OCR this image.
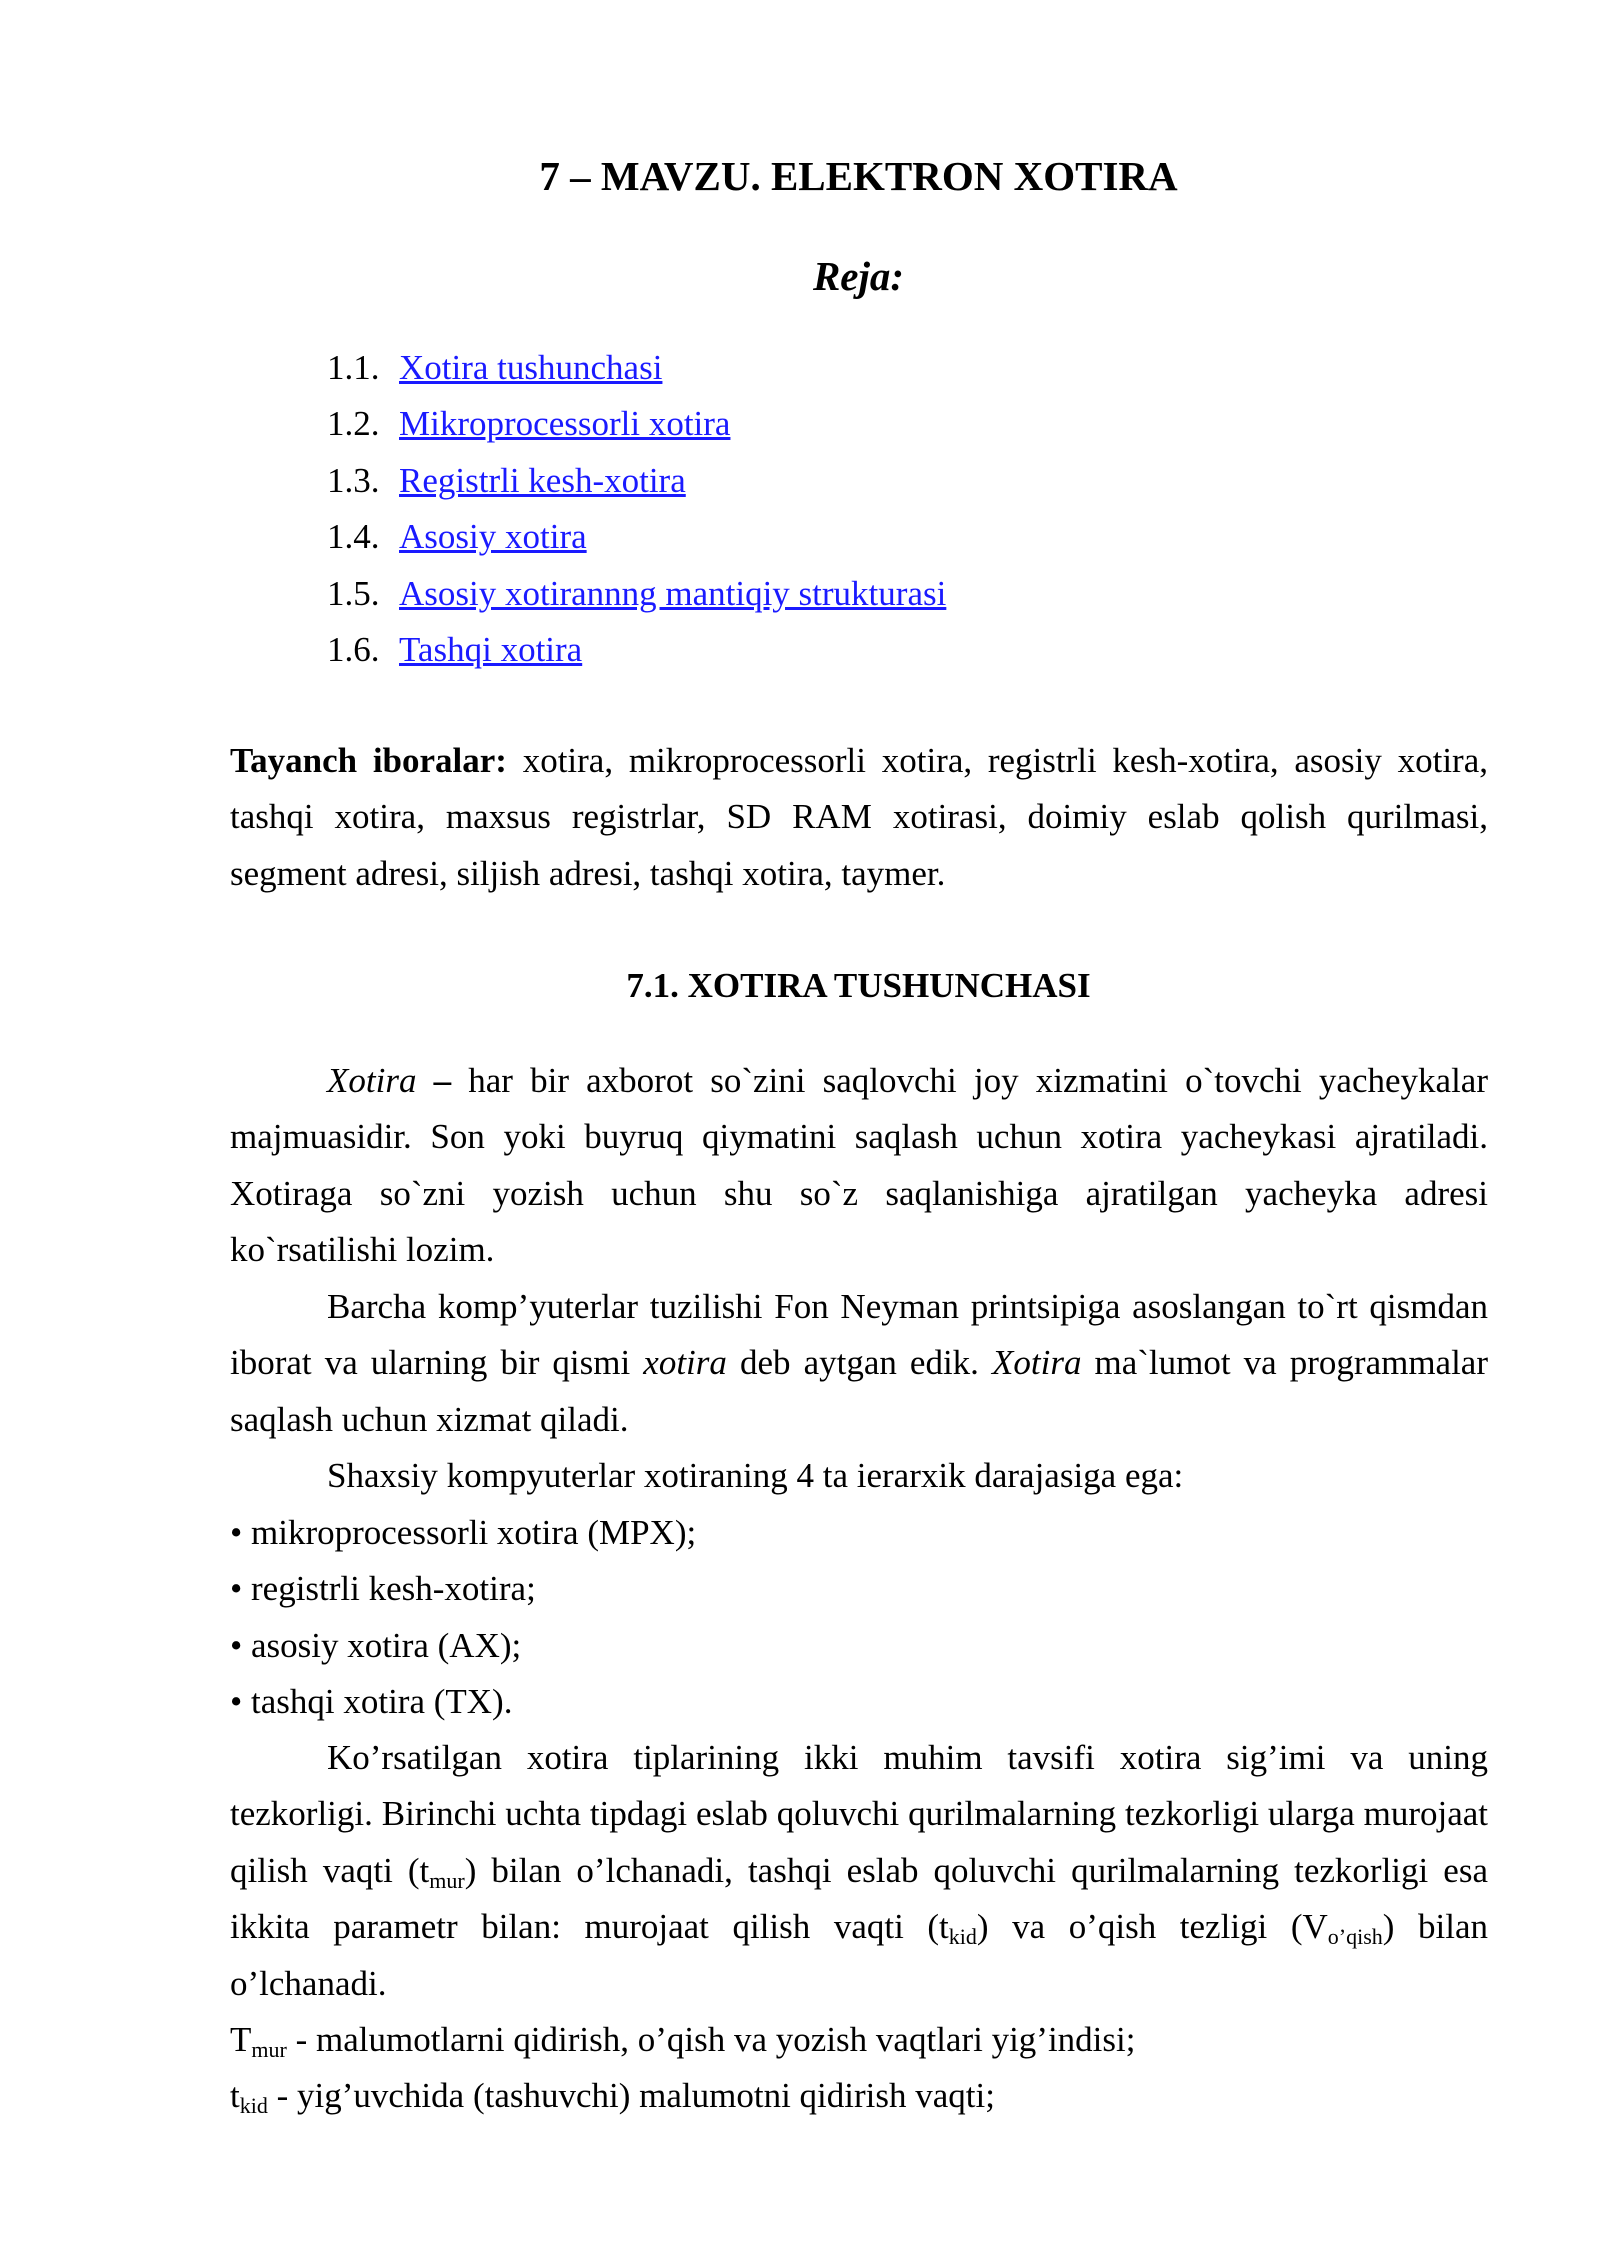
7 – MAVZU. ELEKTRON XOTIRA
Reja:
1.1. Xotira tushunchasi
1.2. Mikroprocessorli xotira
1.3. Registrli kesh-xotira
1.4. Asosiy xotira
1.5. Asosiy xotirannng mantiqiy strukturasi
1.6. Tashqi xotira

Tayanch iboralar: xotira, mikroprocessorli xotira, registrli kesh-xotira, asosiy xotira, tashqi xotira, maxsus registrlar, SD RAM xotirasi, doimiy eslab qolish qurilmasi, segment adresi, siljish adresi, tashqi xotira, taymer.

7.1. XOTIRA TUSHUNCHASI

Xotira – har bir axborot so`zini saqlovchi joy xizmatini o`tovchi yacheykalar majmuasidir. Son yoki buyruq qiymatini saqlash uchun xotira yacheykasi ajratiladi. Xotiraga so`zni yozish uchun shu so`z saqlanishiga ajratilgan yacheyka adresi ko`rsatilishi lozim.

Barcha komp’yuterlar tuzilishi Fon Neyman printsipiga asoslangan to`rt qismdan iborat va ularning bir qismi xotira deb aytgan edik. Xotira ma`lumot va programmalar saqlash uchun xizmat qiladi.

Shaxsiy kompyuterlar xotiraning 4 ta ierarxik darajasiga ega:
• mikroprocessorli xotira (MPX);
• registrli kesh-xotira;
• asosiy xotira (AX);
• tashqi xotira (TX).

Ko’rsatilgan xotira tiplarining ikki muhim tavsifi xotira sig’imi va uning tezkorligi. Birinchi uchta tipdagi eslab qoluvchi qurilmalarning tezkorligi ularga murojaat qilish vaqti $(t_{mur})$ bilan o’lchanadi, tashqi eslab qoluvchi qurilmalarning tezkorligi esa ikkita parametr bilan: murojaat qilish vaqti $(t_{kid})$ va o’qish tezligi $(V_{o’qish})$ bilan o’lchanadi.

$T_{mur}$ - malumotlarni qidirish, o’qish va yozish vaqtlari yig’indisi;
$t_{kid}$ - yig’uvchida (tashuvchi) malumotni qidirish vaqti;
